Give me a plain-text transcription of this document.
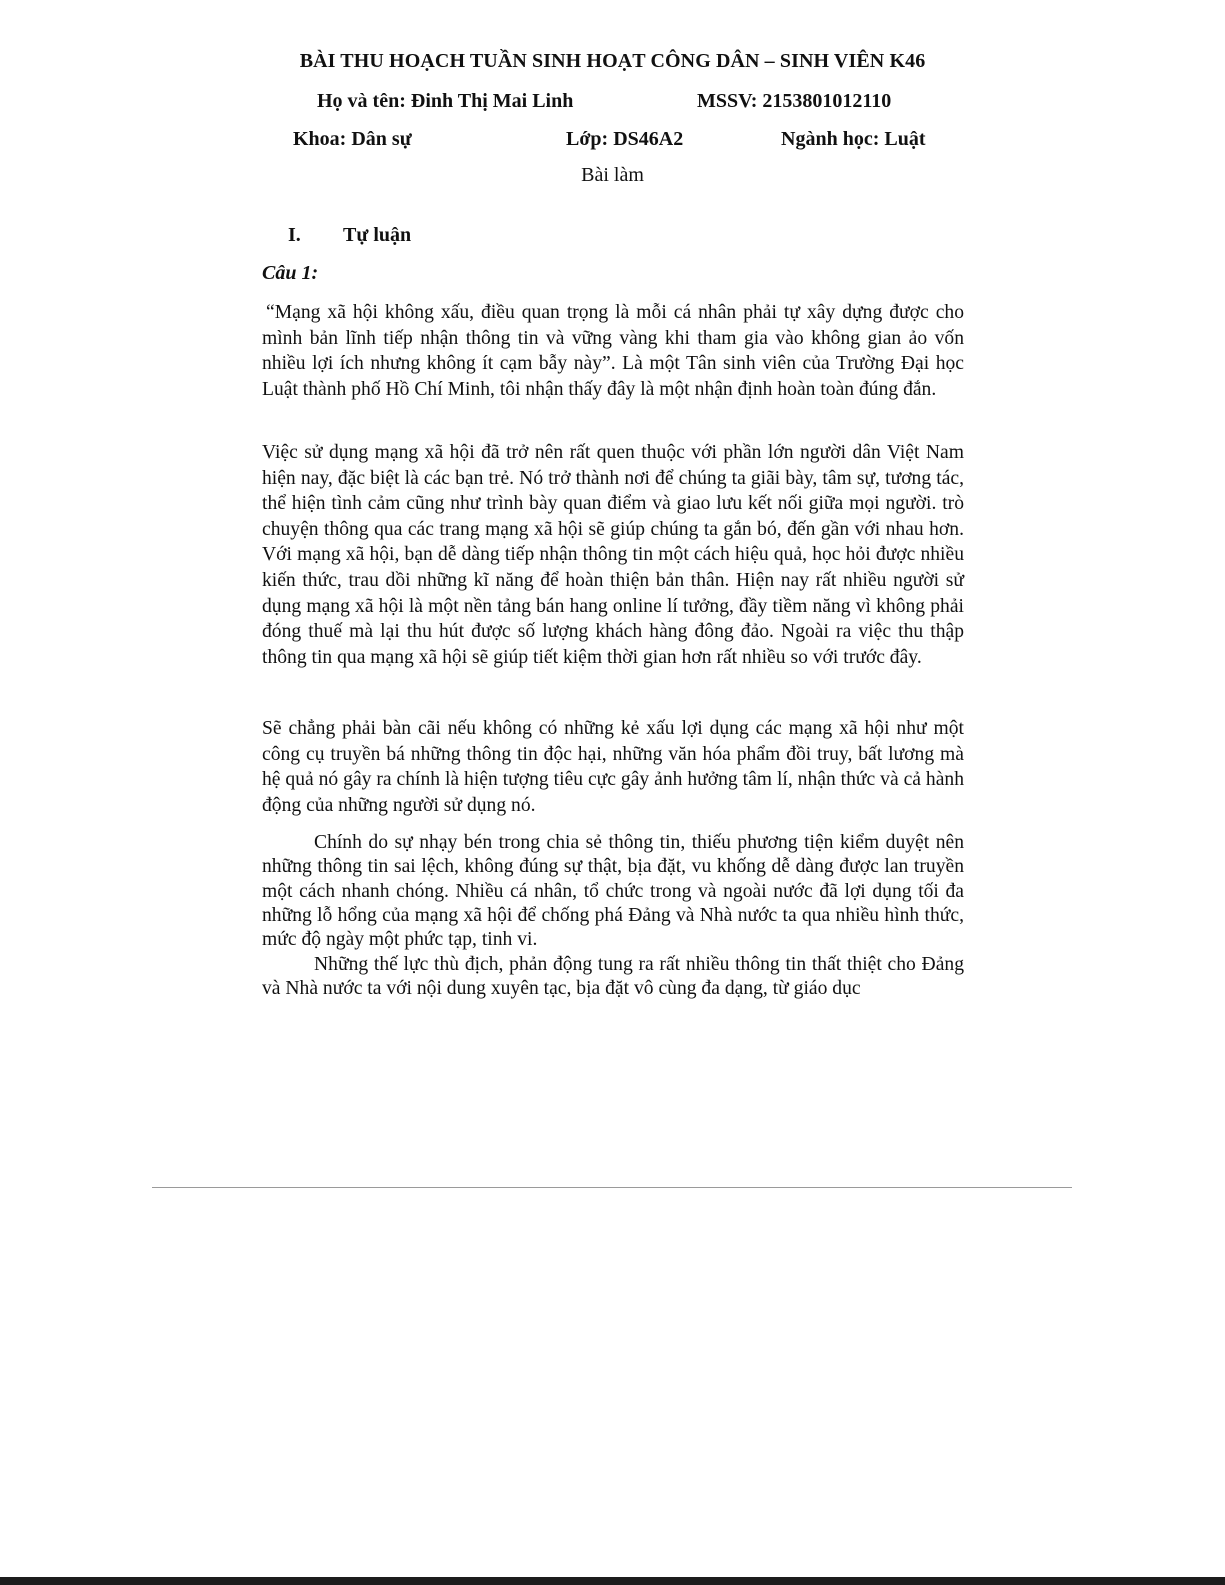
BÀI THU HOẠCH TUẦN SINH HOẠT CÔNG DÂN – SINH VIÊN K46
Họ và tên: Đinh Thị Mai Linh	MSSV: 2153801012110
Khoa: Dân sự	Lớp: DS46A2	Ngành học: Luật
Bài làm
I. Tự luận
Câu 1:

“Mạng xã hội không xấu, điều quan trọng là mỗi cá nhân phải tự xây dựng được cho mình bản lĩnh tiếp nhận thông tin và vững vàng khi tham gia vào không gian ảo vốn nhiều lợi ích nhưng không ít cạm bẫy này”. Là một Tân sinh viên của Trường Đại học Luật thành phố Hồ Chí Minh, tôi nhận thấy đây là một nhận định hoàn toàn đúng đắn.

Việc sử dụng mạng xã hội đã trở nên rất quen thuộc với phần lớn người dân Việt Nam hiện nay, đặc biệt là các bạn trẻ. Nó trở thành nơi để chúng ta giãi bày, tâm sự, tương tác, thể hiện tình cảm cũng như trình bày quan điểm và giao lưu kết nối giữa mọi người. trò chuyện thông qua các trang mạng xã hội sẽ giúp chúng ta gắn bó, đến gần với nhau hơn. Với mạng xã hội, bạn dễ dàng tiếp nhận thông tin một cách hiệu quả, học hỏi được nhiều kiến thức, trau dồi những kĩ năng để hoàn thiện bản thân. Hiện nay rất nhiều người sử dụng mạng xã hội là một nền tảng bán hang online lí tưởng, đầy tiềm năng vì không phải đóng thuế mà lại thu hút được số lượng khách hàng đông đảo. Ngoài ra việc thu thập thông tin qua mạng xã hội sẽ giúp tiết kiệm thời gian hơn rất nhiều so với trước đây.

Sẽ chẳng phải bàn cãi nếu không có những kẻ xấu lợi dụng các mạng xã hội như một công cụ truyền bá những thông tin độc hại, những văn hóa phẩm đồi truy, bất lương mà hệ quả nó gây ra chính là hiện tượng tiêu cực gây ảnh hưởng tâm lí, nhận thức và cả hành động của những người sử dụng nó.

Chính do sự nhạy bén trong chia sẻ thông tin, thiếu phương tiện kiểm duyệt nên những thông tin sai lệch, không đúng sự thật, bịa đặt, vu khống dễ dàng được lan truyền một cách nhanh chóng. Nhiều cá nhân, tổ chức trong và ngoài nước đã lợi dụng tối đa những lỗ hổng của mạng xã hội để chống phá Đảng và Nhà nước ta qua nhiều hình thức, mức độ ngày một phức tạp, tinh vi.

Những thế lực thù địch, phản động tung ra rất nhiều thông tin thất thiệt cho Đảng và Nhà nước ta với nội dung xuyên tạc, bịa đặt vô cùng đa dạng, từ giáo dục
